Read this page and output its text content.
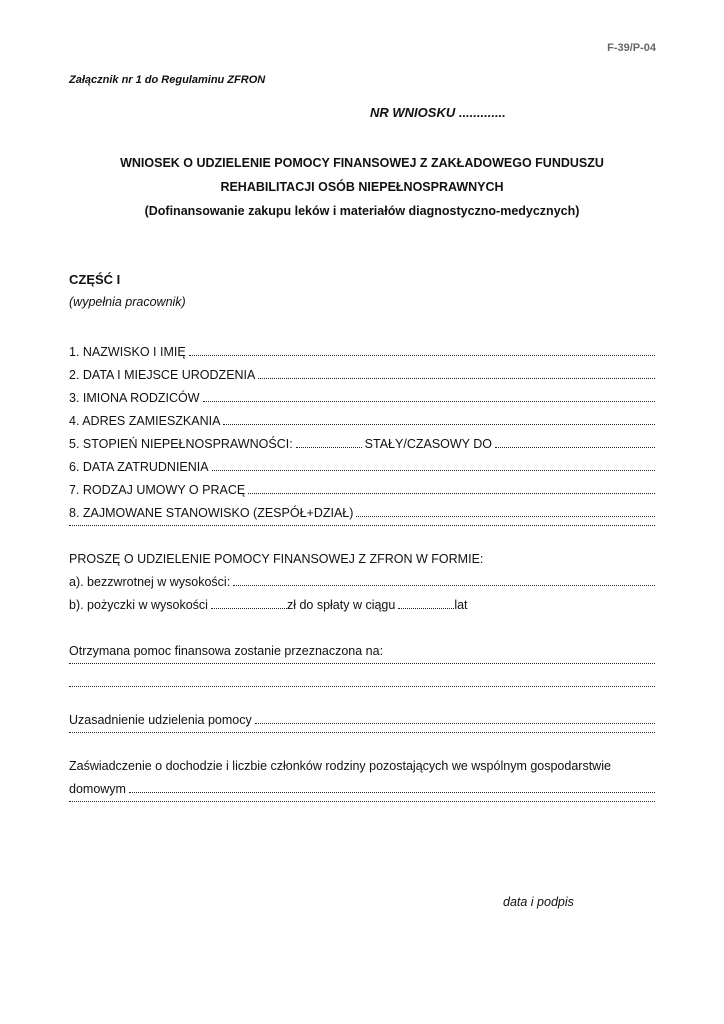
F-39/P-04
Załącznik nr 1 do Regulaminu ZFRON
NR WNIOSKU .............
WNIOSEK O UDZIELENIE POMOCY FINANSOWEJ Z ZAKŁADOWEGO FUNDUSZU
REHABILITACJI OSÓB NIEPEŁNOSPRAWNYCH
(Dofinansowanie zakupu leków i materiałów diagnostyczno-medycznych)
CZĘŚĆ I
(wypełnia pracownik)
1. NAZWISKO I IMIĘ
2. DATA I MIEJSCE URODZENIA
3. IMIONA RODZICÓW
4. ADRES ZAMIESZKANIA
5. STOPIEŃ NIEPEŁNOSPRAWNOŚCI:	STAŁY/CZASOWY DO
6. DATA ZATRUDNIENIA
7. RODZAJ UMOWY O PRACĘ
8. ZAJMOWANE STANOWISKO (ZESPÓŁ+DZIAŁ)
PROSZĘ O UDZIELENIE POMOCY FINANSOWEJ Z ZFRON W FORMIE:
a). bezzwrotnej w wysokości:
b). pożyczki w wysokości	zł do spłaty w ciągu	lat
Otrzymana pomoc finansowa zostanie przeznaczona na:
Uzasadnienie udzielenia pomocy
Zaświadczenie o dochodzie i liczbie członków rodziny pozostających we wspólnym gospodarstwie
domowym
data i podpis
